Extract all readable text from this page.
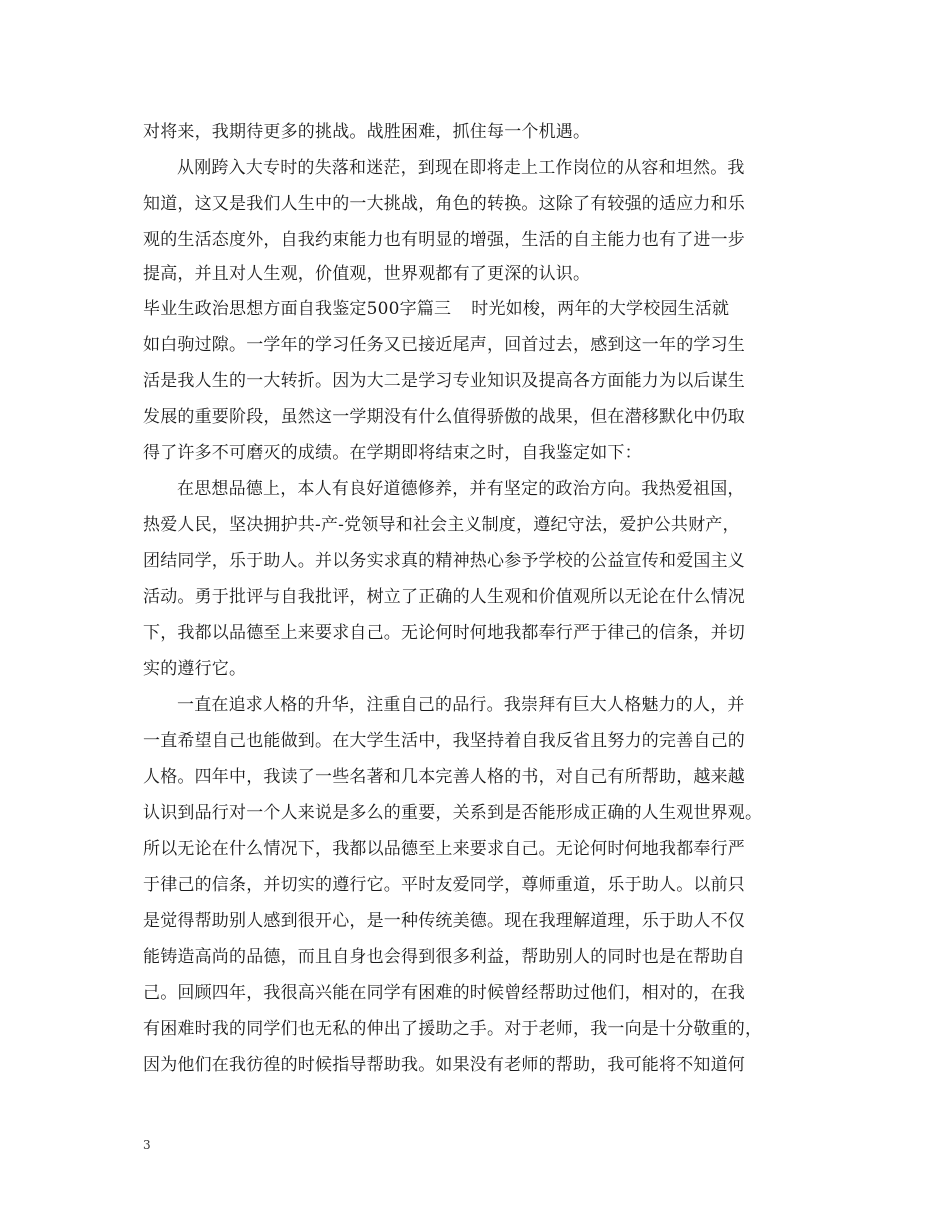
对将来，我期待更多的挑战。战胜困难，抓住每一个机遇。
从刚跨入大专时的失落和迷茫，到现在即将走上工作岗位的从容和坦然。我
知道，这又是我们人生中的一大挑战，角色的转换。这除了有较强的适应力和乐
观的生活态度外，自我约束能力也有明显的增强，生活的自主能力也有了进一步
提高，并且对人生观，价值观，世界观都有了更深的认识。
毕业生政治思想方面自我鉴定500字篇三 时光如梭，两年的大学校园生活就
如白驹过隙。一学年的学习任务又已接近尾声，回首过去，感到这一年的学习生
活是我人生的一大转折。因为大二是学习专业知识及提高各方面能力为以后谋生
发展的重要阶段，虽然这一学期没有什么值得骄傲的战果，但在潜移默化中仍取
得了许多不可磨灭的成绩。在学期即将结束之时，自我鉴定如下：
在思想品德上，本人有良好道德修养，并有坚定的政治方向。我热爱祖国，
热爱人民，坚决拥护共-产-党领导和社会主义制度，遵纪守法，爱护公共财产，
团结同学，乐于助人。并以务实求真的精神热心参予学校的公益宣传和爱国主义
活动。勇于批评与自我批评，树立了正确的人生观和价值观所以无论在什么情况
下，我都以品德至上来要求自己。无论何时何地我都奉行严于律己的信条，并切
实的遵行它。
一直在追求人格的升华，注重自己的品行。我崇拜有巨大人格魅力的人，并
一直希望自己也能做到。在大学生活中，我坚持着自我反省且努力的完善自己的
人格。四年中，我读了一些名著和几本完善人格的书，对自己有所帮助，越来越
认识到品行对一个人来说是多么的重要，关系到是否能形成正确的人生观世界观。
所以无论在什么情况下，我都以品德至上来要求自己。无论何时何地我都奉行严
于律己的信条，并切实的遵行它。平时友爱同学，尊师重道，乐于助人。以前只
是觉得帮助别人感到很开心，是一种传统美德。现在我理解道理，乐于助人不仅
能铸造高尚的品德，而且自身也会得到很多利益，帮助别人的同时也是在帮助自
己。回顾四年，我很高兴能在同学有困难的时候曾经帮助过他们，相对的，在我
有困难时我的同学们也无私的伸出了援助之手。对于老师，我一向是十分敬重的，
因为他们在我彷徨的时候指导帮助我。如果没有老师的帮助，我可能将不知道何
3
